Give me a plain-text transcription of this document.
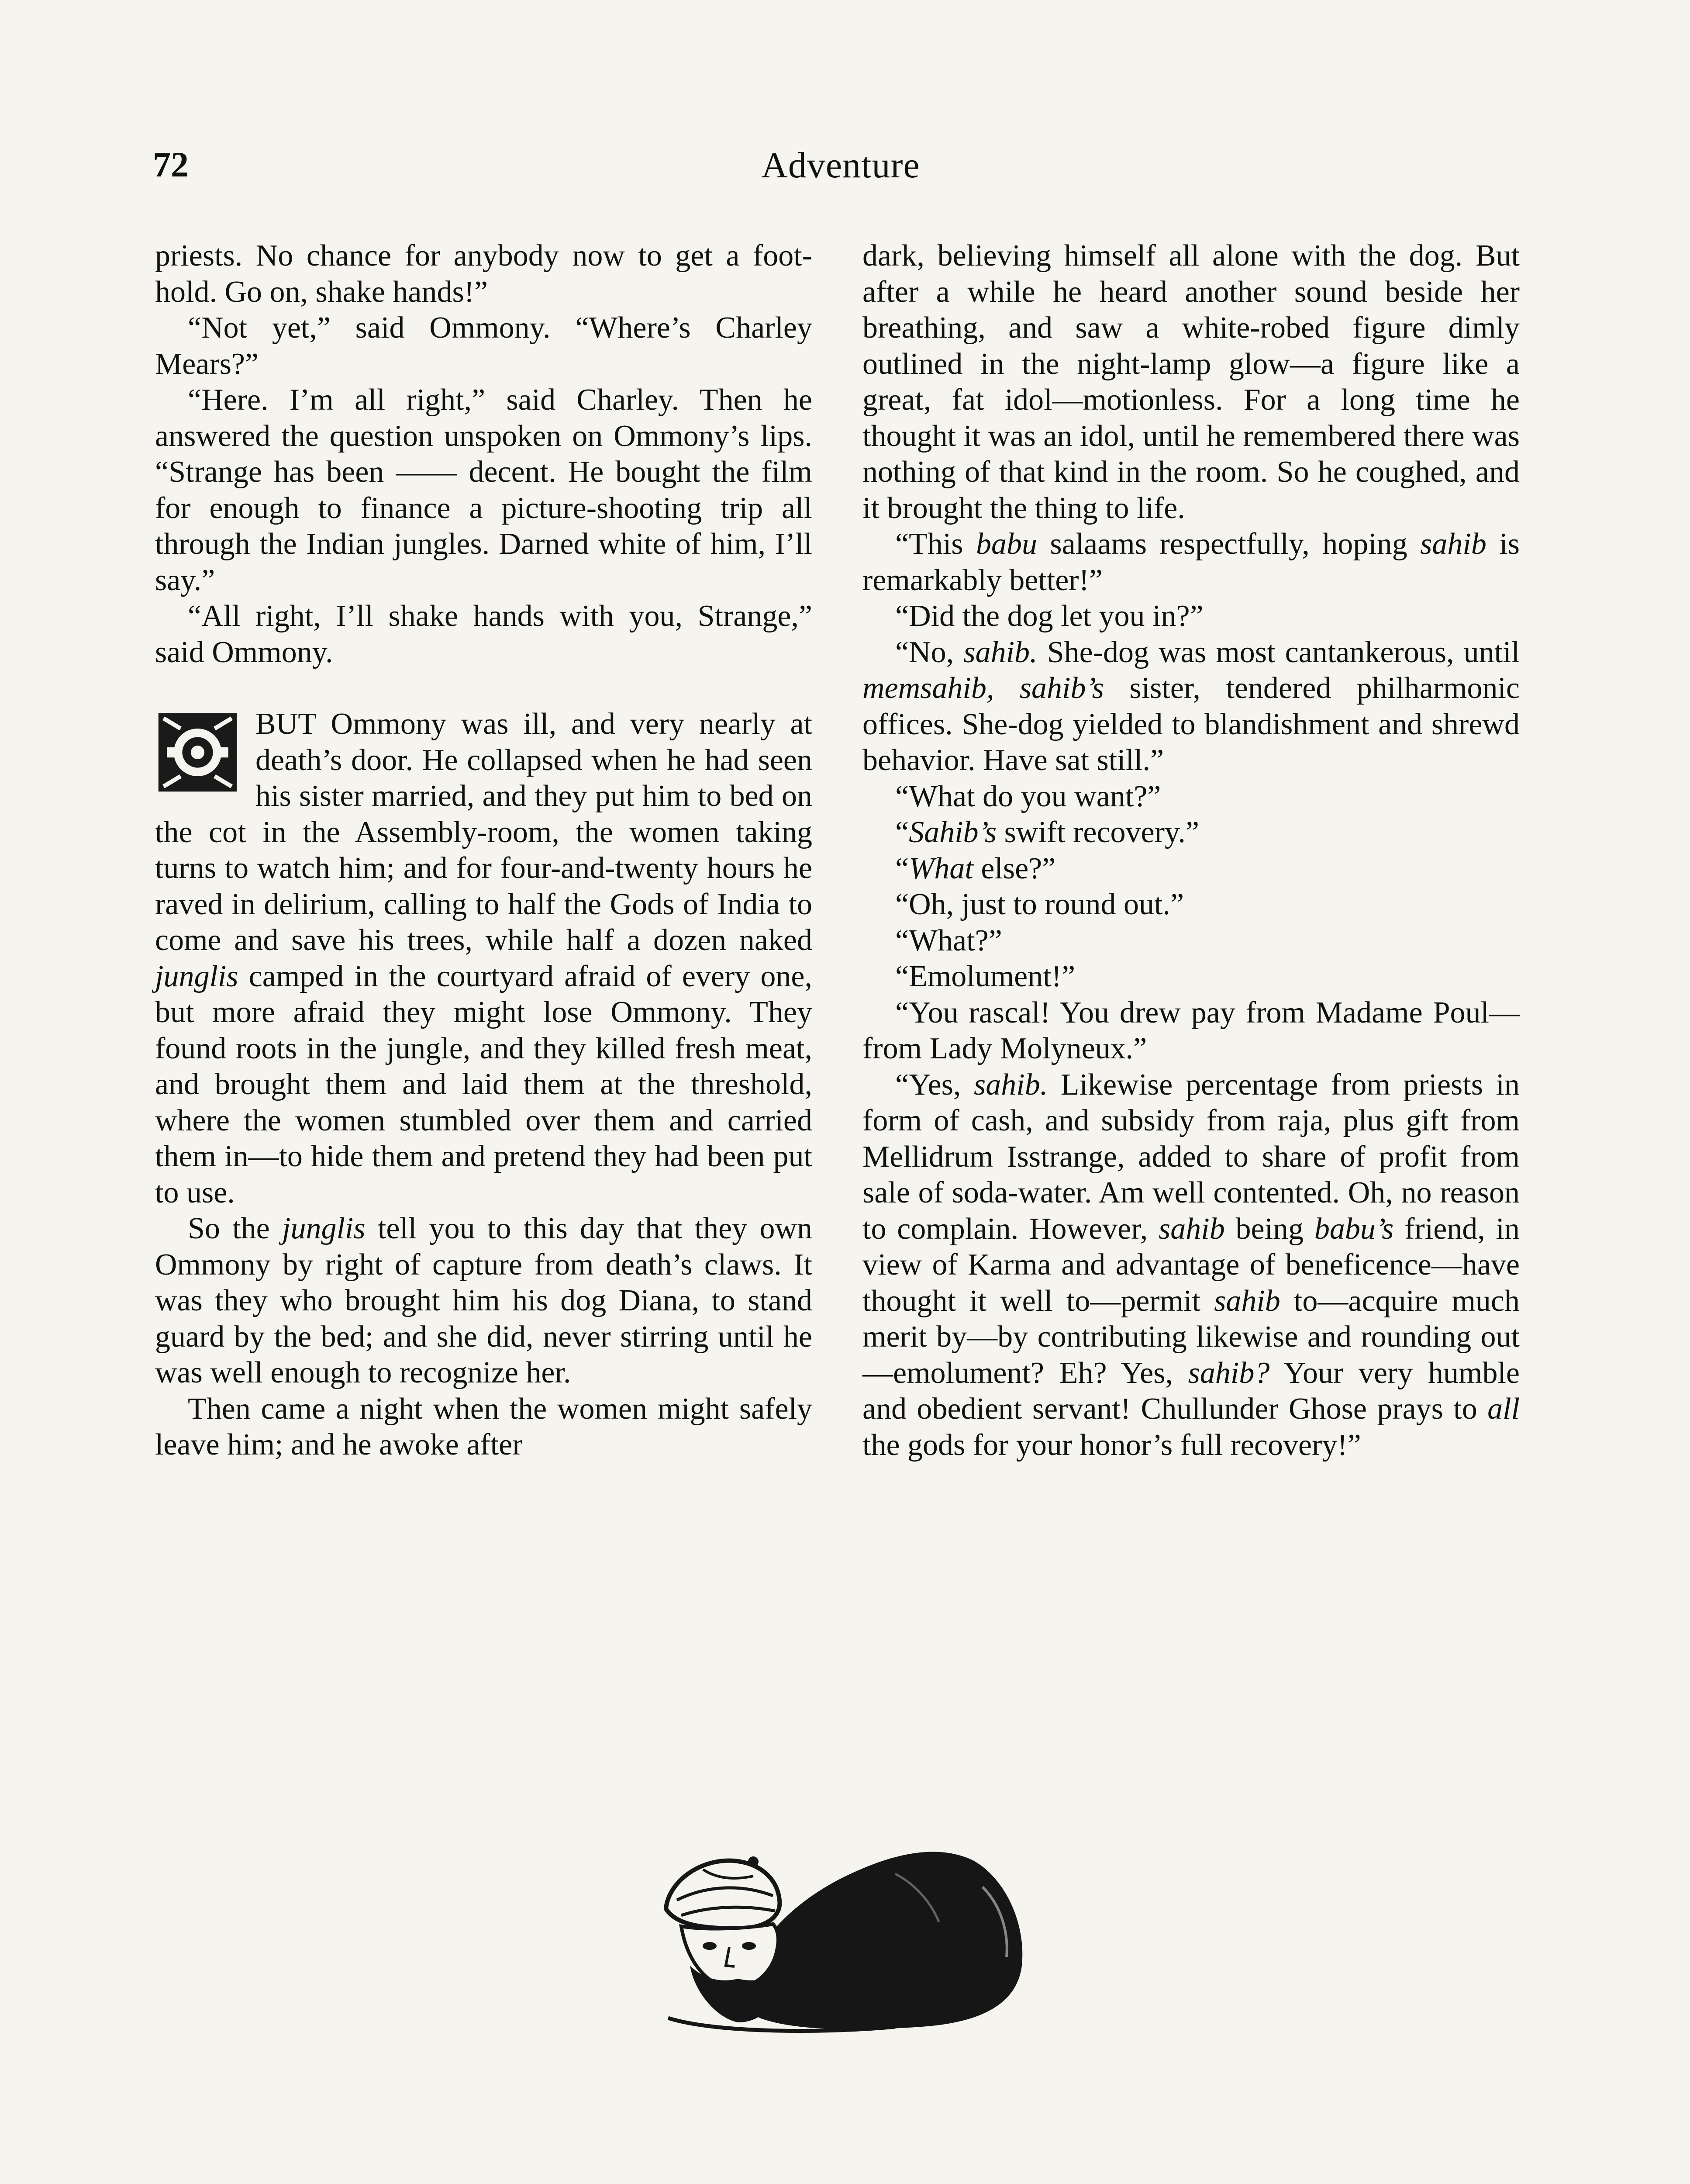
72	Adventure

priests. No chance for anybody now to get a foot-hold. Go on, shake hands!”

“Not yet,” said Ommony. “Where’s Charley Mears?”

“Here. I’m all right,” said Charley. Then he answered the question unspoken on Ommony’s lips. “Strange has been —— decent. He bought the film for enough to finance a picture-shooting trip all through the Indian jungles. Darned white of him, I’ll say.”

“All right, I’ll shake hands with you, Strange,” said Ommony.

BUT Ommony was ill, and very nearly at death’s door. He collapsed when he had seen his sister married, and they put him to bed on the cot in the Assembly-room, the women taking turns to watch him; and for four-and-twenty hours he raved in delirium, calling to half the Gods of India to come and save his trees, while half a dozen naked junglis camped in the courtyard afraid of every one, but more afraid they might lose Ommony. They found roots in the jungle, and they killed fresh meat, and brought them and laid them at the threshold, where the women stumbled over them and carried them in—to hide them and pretend they had been put to use.

So the junglis tell you to this day that they own Ommony by right of capture from death’s claws. It was they who brought him his dog Diana, to stand guard by the bed; and she did, never stirring until he was well enough to recognize her.

Then came a night when the women might safely leave him; and he awoke after

dark, believing himself all alone with the dog. But after a while he heard another sound beside her breathing, and saw a white-robed figure dimly outlined in the night-lamp glow—a figure like a great, fat idol—motionless. For a long time he thought it was an idol, until he remembered there was nothing of that kind in the room. So he coughed, and it brought the thing to life.

“This babu salaams respectfully, hoping sahib is remarkably better!”

“Did the dog let you in?”

“No, sahib. She-dog was most cantankerous, until memsahib, sahib’s sister, tendered philharmonic offices. She-dog yielded to blandishment and shrewd behavior. Have sat still.”

“What do you want?”

“Sahib’s swift recovery.”

“What else?”

“Oh, just to round out.”

“What?”

“Emolument!”

“You rascal! You drew pay from Madame Poul—from Lady Molyneux.”

“Yes, sahib. Likewise percentage from priests in form of cash, and subsidy from raja, plus gift from Mellidrum Isstrange, added to share of profit from sale of soda-water. Am well contented. Oh, no reason to complain. However, sahib being babu’s friend, in view of Karma and advantage of beneficence—have thought it well to—permit sahib to—acquire much merit by—by contributing likewise and rounding out—emolument? Eh? Yes, sahib? Your very humble and obedient servant! Chullunder Ghose prays to all the gods for your honor’s full recovery!”
